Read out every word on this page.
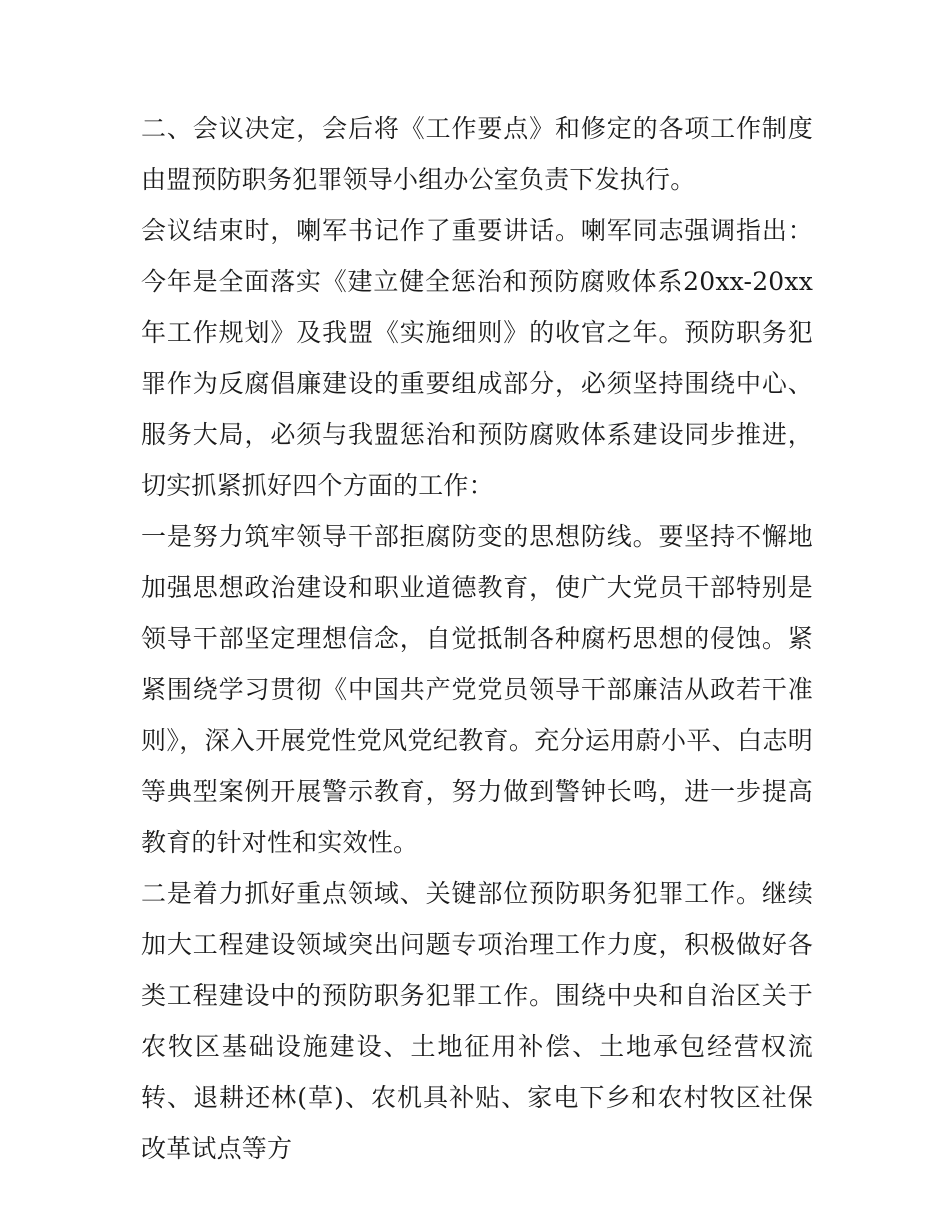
二、会议决定，会后将《工作要点》和修定的各项工作制度由盟预防职务犯罪领导小组办公室负责下发执行。

会议结束时，喇军书记作了重要讲话。喇军同志强调指出：今年是全面落实《建立健全惩治和预防腐败体系20xx-20xx年工作规划》及我盟《实施细则》的收官之年。预防职务犯罪作为反腐倡廉建设的重要组成部分，必须坚持围绕中心、服务大局，必须与我盟惩治和预防腐败体系建设同步推进，切实抓紧抓好四个方面的工作：

一是努力筑牢领导干部拒腐防变的思想防线。要坚持不懈地加强思想政治建设和职业道德教育，使广大党员干部特别是领导干部坚定理想信念，自觉抵制各种腐朽思想的侵蚀。紧紧围绕学习贯彻《中国共产党党员领导干部廉洁从政若干准则》，深入开展党性党风党纪教育。充分运用蔚小平、白志明等典型案例开展警示教育，努力做到警钟长鸣，进一步提高教育的针对性和实效性。

二是着力抓好重点领域、关键部位预防职务犯罪工作。继续加大工程建设领域突出问题专项治理工作力度，积极做好各类工程建设中的预防职务犯罪工作。围绕中央和自治区关于农牧区基础设施建设、土地征用补偿、土地承包经营权流转、退耕还林(草)、农机具补贴、家电下乡和农村牧区社保改革试点等方
